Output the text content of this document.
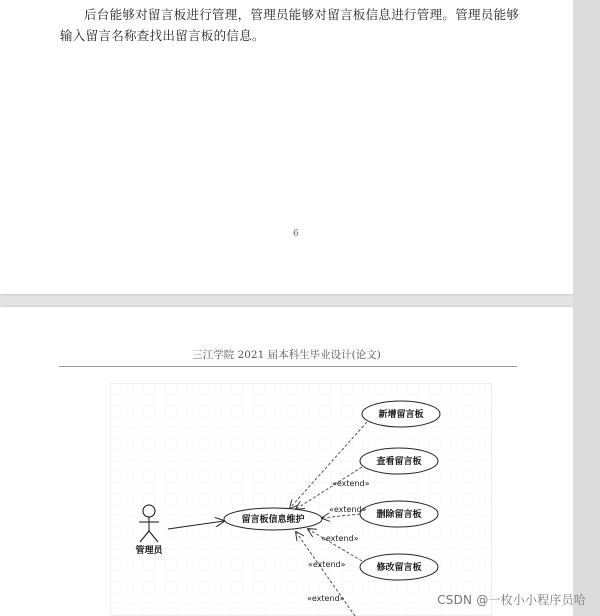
后台能够对留言板进行管理，管理员能够对留言板信息进行管理。管理员能够输入留言名称查找出留言板的信息。
6
三江学院 2021 届本科生毕业设计(论文)
管理员
留言板信息维护
新增留言板
查看留言板
删除留言板
修改留言板
«extend»
«extend»
«extend»
«extend»
«extend»	CSDN @一枚小小程序员哈
